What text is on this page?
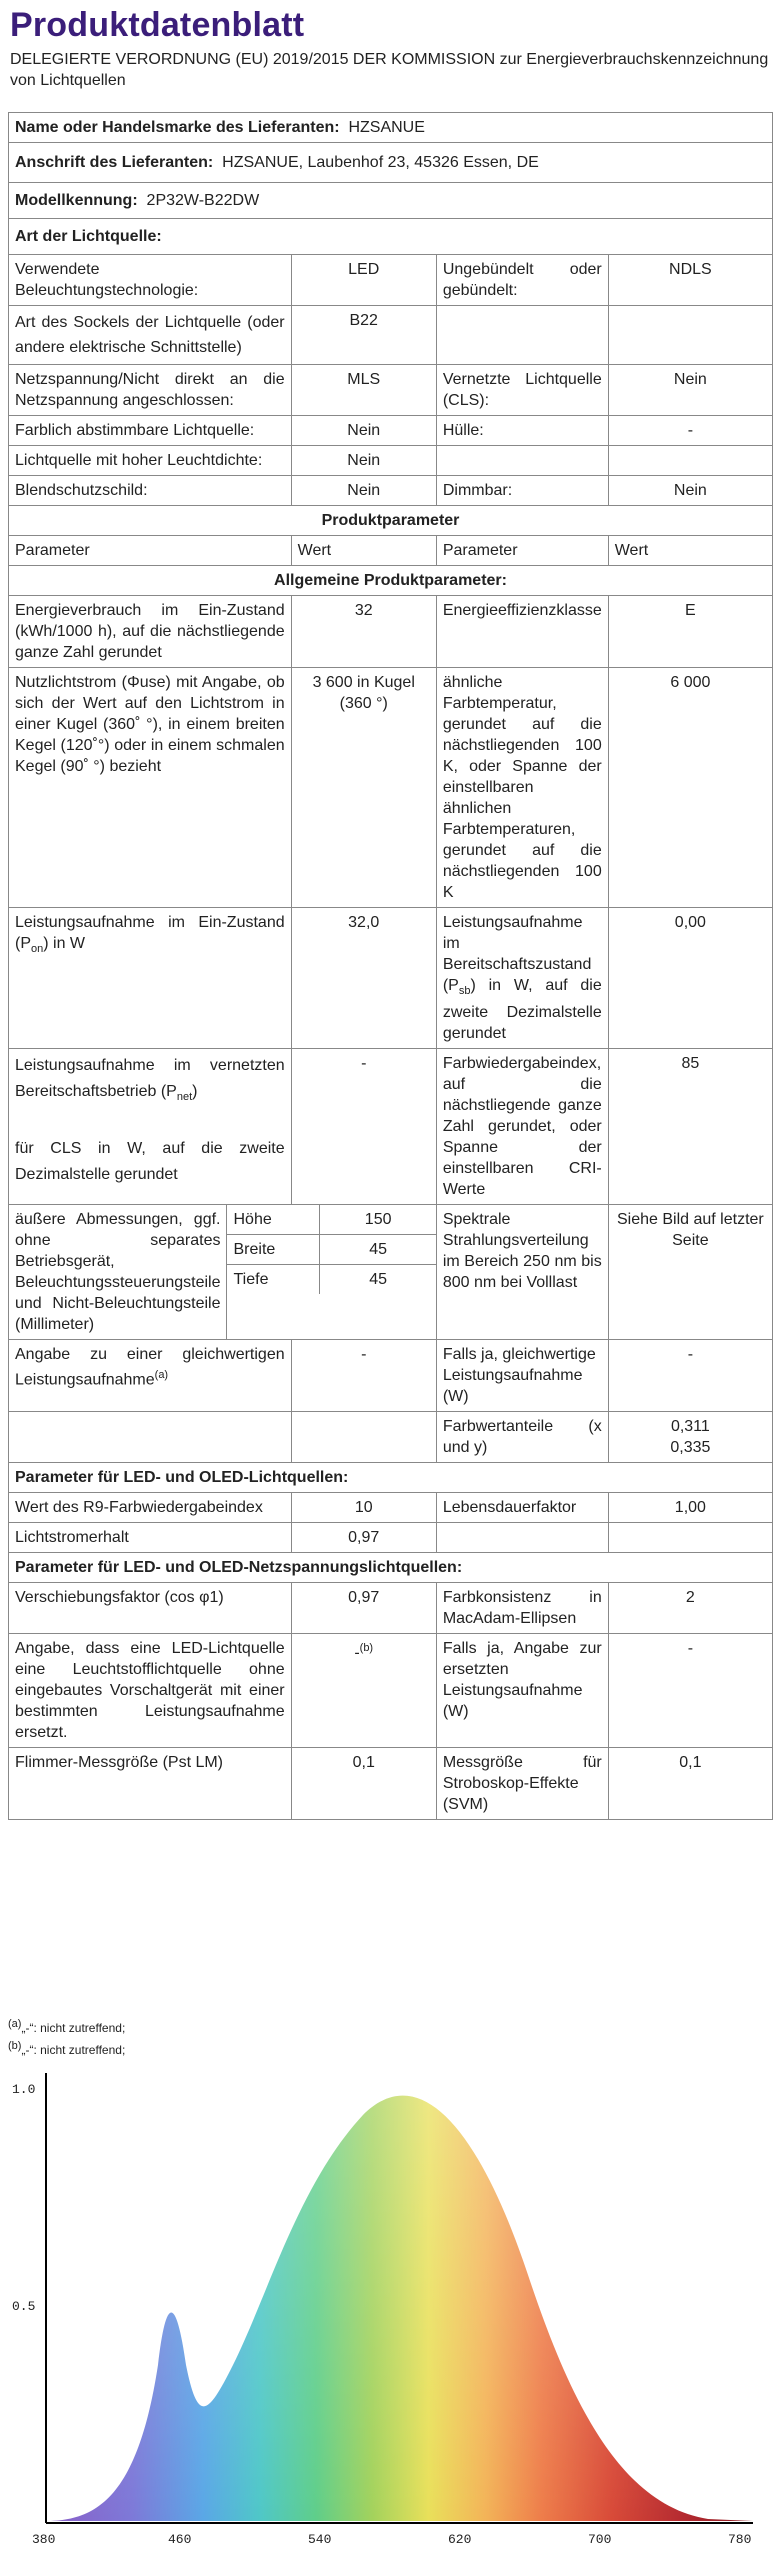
Produktdatenblatt
DELEGIERTE VERORDNUNG (EU) 2019/2015 DER KOMMISSION zur Energieverbrauchskennzeichnung von Lichtquellen
Name oder Handelsmarke des Lieferanten: HZSANUE
Anschrift des Lieferanten: HZSANUE, Laubenhof 23, 45326 Essen, DE
Modellkennung: 2P32W-B22DW
Art der Lichtquelle:
Verwendete Beleuchtungstechnologie:	LED	Ungebündelt oder gebündelt:	NDLS
Art des Sockels der Lichtquelle (oder andere elektrische Schnittstelle)	B22		
Netzspannung/Nicht direkt an die Netzspannung angeschlossen:	MLS	Vernetzte Lichtquelle (CLS):	Nein
Farblich abstimmbare Lichtquelle:	Nein	Hülle:	-
Lichtquelle mit hoher Leuchtdichte:	Nein		
Blendschutzschild:	Nein	Dimmbar:	Nein
Produktparameter
Parameter	Wert	Parameter	Wert
Allgemeine Produktparameter:
Energieverbrauch im Ein-Zustand (kWh/1000 h), auf die nächstliegende ganze Zahl gerundet	32	Energieeffizienzklasse	E
Nutzlichtstrom (Φuse) mit Angabe, ob sich der Wert auf den Lichtstrom in einer Kugel (360˚ °), in einem breiten Kegel (120˚°) oder in einem schmalen Kegel (90˚ °) bezieht	3 600 in Kugel (360 °)	ähnliche Farbtemperatur, gerundet auf die nächstliegenden 100 K, oder Spanne der einstellbaren ähnlichen Farbtemperaturen, gerundet auf die nächstliegenden 100 K	6 000
Leistungsaufnahme im Ein-Zustand $(P_{on})$ in W	32,0	Leistungsaufnahme im Bereitschaftszustand $(P_{sb})$ in W, auf die zweite Dezimalstelle gerundet	0,00
Leistungsaufnahme im vernetzten Bereitschaftsbetrieb $(P_{net})$

für CLS in W, auf die zweite Dezimalstelle gerundet	-	Farbwiedergabeindex, auf die nächstliegende ganze Zahl gerundet, oder Spanne der einstellbaren CRI-Werte	85
äußere Abmessungen, ggf. ohne separates Betriebsgerät, Beleuchtungssteuerungsteile und Nicht-Beleuchtungsteile (Millimeter)	
Höhe	150
Breite	45
Tiefe	45
	Spektrale Strahlungsverteilung im Bereich 250 nm bis 800 nm bei Volllast	Siehe Bild auf letzter Seite
Angabe zu einer gleichwertigen Leistungsaufnahme$^{(a)}$	-	Falls ja, gleichwertige Leistungsaufnahme (W)	-
		Farbwertanteile (x und y)	0,311
0,335
Parameter für LED- und OLED-Lichtquellen:
Wert des R9-Farbwiedergabeindex	10	Lebensdauerfaktor	1,00
Lichtstromerhalt	0,97		
Parameter für LED- und OLED-Netzspannungslichtquellen:
Verschiebungsfaktor (cos φ1)	0,97	Farbkonsistenz in MacAdam-Ellipsen	2
Angabe, dass eine LED-Lichtquelle eine Leuchtstofflichtquelle ohne eingebautes Vorschaltgerät mit einer bestimmten Leistungsaufnahme ersetzt.	-$^{(b)}$	Falls ja, Angabe zur ersetzten Leistungsaufnahme (W)	-
Flimmer-Messgröße (Pst LM)	0,1	Messgröße für Stroboskop-Effekte (SVM)	0,1
$^{(a)}$„-“: nicht zutreffend;
$^{(b)}$„-“: nicht zutreffend;
1.0
0.5
380	460	540	620	700	780
